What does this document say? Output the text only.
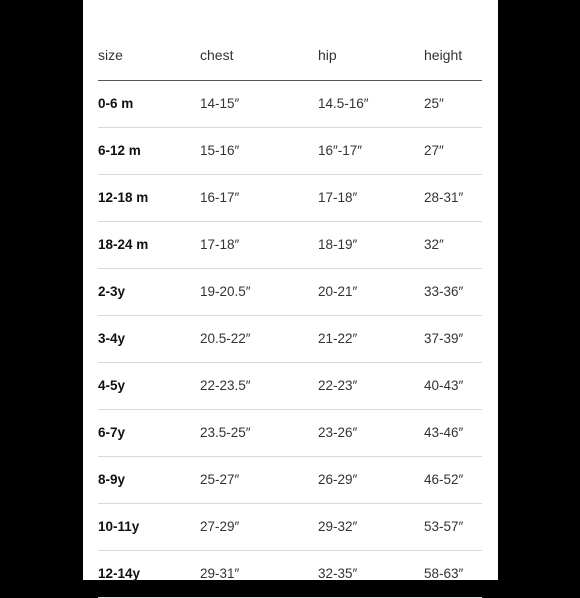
size	chest	hip	height
0-6 m	14-15″	14.5-16″	25″
6-12 m	15-16″	16″-17″	27″
12-18 m	16-17″	17-18″	28-31″
18-24 m	17-18″	18-19″	32″
2-3y	19-20.5″	20-21″	33-36″
3-4y	20.5-22″	21-22″	37-39″
4-5y	22-23.5″	22-23″	40-43″
6-7y	23.5-25″	23-26″	43-46″
8-9y	25-27″	26-29″	46-52″
10-11y	27-29″	29-32″	53-57″
12-14y	29-31″	32-35″	58-63″
